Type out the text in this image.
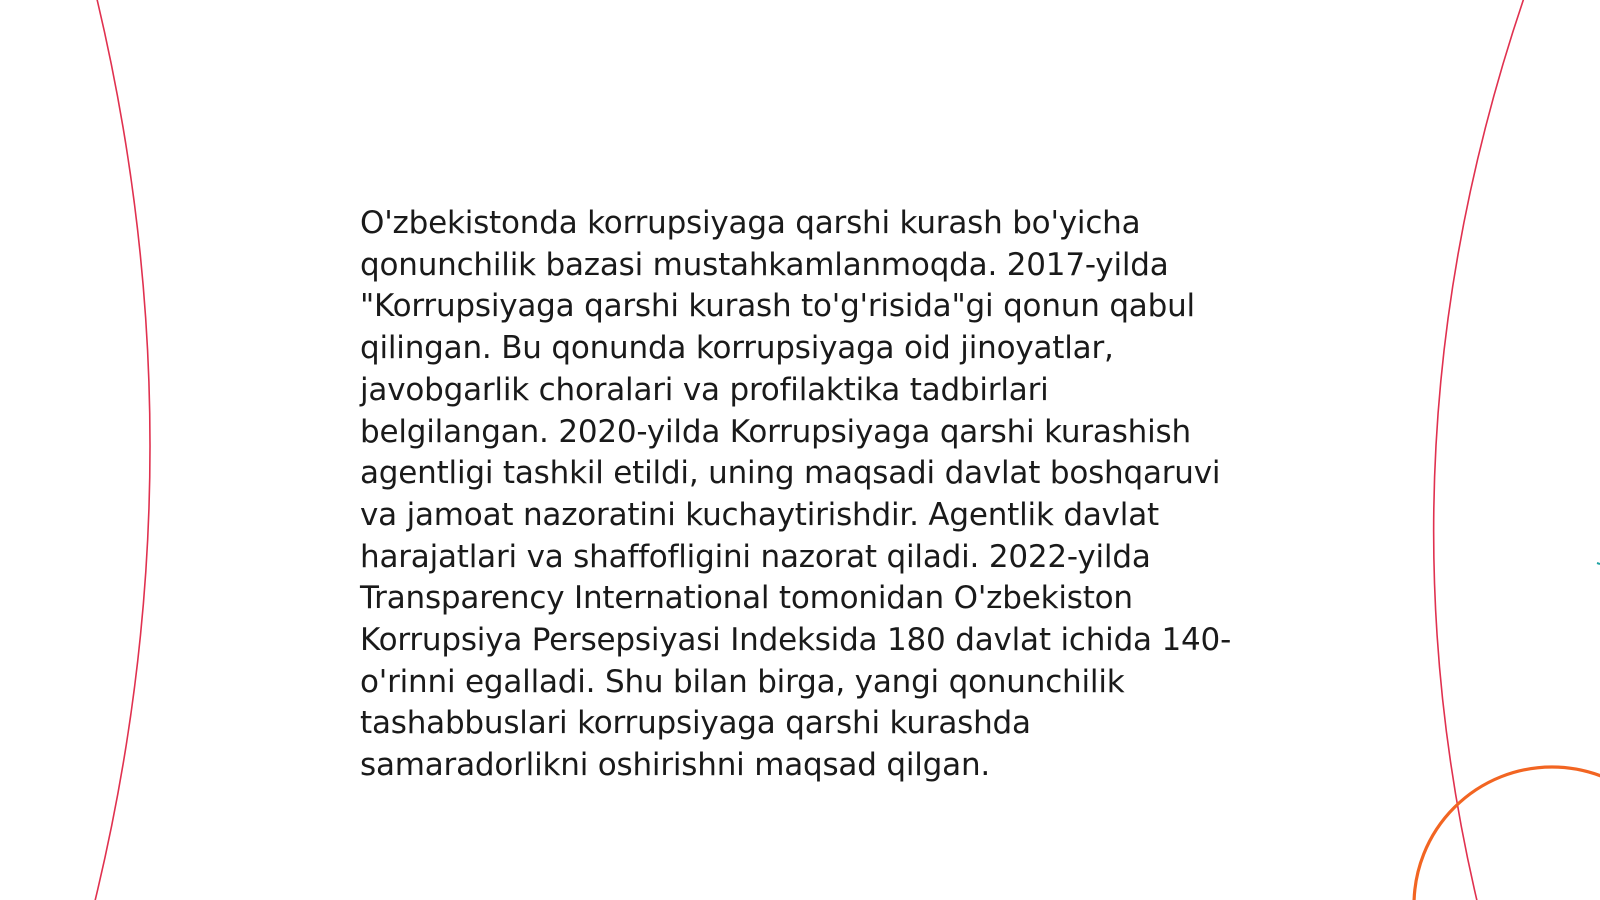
O'zbekistonda korrupsiyaga qarshi kurash bo'yicha qonunchilik bazasi mustahkamlanmoqda. 2017-yilda "Korrupsiyaga qarshi kurash to'g'risida"gi qonun qabul qilingan. Bu qonunda korrupsiyaga oid jinoyatlar, javobgarlik choralari va profilaktika tadbirlari belgilangan. 2020-yilda Korrupsiyaga qarshi kurashish agentligi tashkil etildi, uning maqsadi davlat boshqaruvi va jamoat nazoratini kuchaytirishdir. Agentlik davlat harajatlari va shaffofligini nazorat qiladi. 2022-yilda Transparency International tomonidan O'zbekiston Korrupsiya Persepsiyasi Indeksida 180 davlat ichida 140-o'rinni egalladi. Shu bilan birga, yangi qonunchilik tashabbuslari korrupsiyaga qarshi kurashda samaradorlikni oshirishni maqsad qilgan.
